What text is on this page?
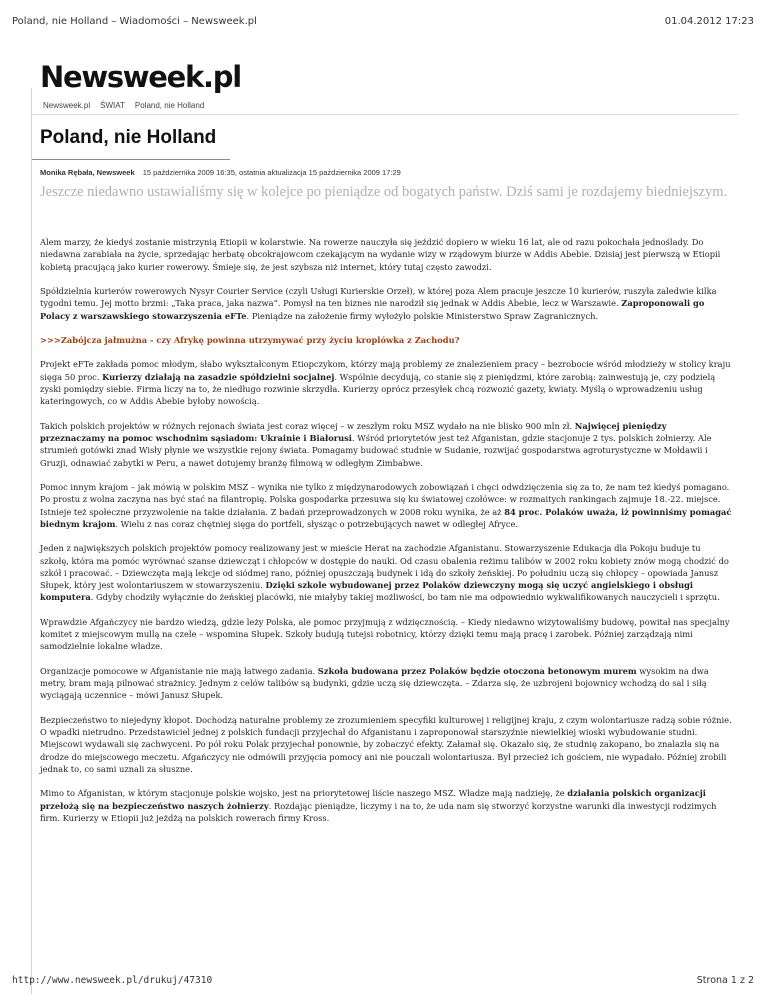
Poland, nie Holland – Wiadomości – Newsweek.pl	01.04.2012 17:23
Newsweek.pl
Newsweek.pl ŚWIAT Poland, nie Holland
Poland, nie Holland
Monika Rębała, Newsweek 15 października 2009 16:35, ostatnia aktualizacja 15 października 2009 17:29
Jeszcze niedawno ustawialiśmy się w kolejce po pieniądze od bogatych państw. Dziś sami je rozdajemy biedniejszym.

Alem marzy, że kiedyś zostanie mistrzynią Etiopii w kolarstwie. Na rowerze nauczyła się jeździć dopiero w wieku 16 lat, ale od razu pokochała jednoślady. Do niedawna zarabiała na życie, sprzedając herbatę obcokrajowcom czekającym na wydanie wizy w rządowym biurze w Addis Abebie. Dzisiaj jest pierwszą w Etiopii kobietą pracującą jako kurier rowerowy. Śmieje się, że jest szybsza niż internet, który tutaj często zawodzi.

Spółdzielnia kurierów rowerowych Nysyr Courier Service (czyli Usługi Kurierskie Orzeł), w której poza Alem pracuje jeszcze 10 kurierów, ruszyła zaledwie kilka tygodni temu. Jej motto brzmi: „Taka praca, jaka nazwa”. Pomysł na ten biznes nie narodził się jednak w Addis Abebie, lecz w Warszawie. Zaproponowali go Polacy z warszawskiego stowarzyszenia eFTe. Pieniądze na założenie firmy wyłożyło polskie Ministerstwo Spraw Zagranicznych.

>>>Zabójcza jałmużna - czy Afrykę powinna utrzymywać przy życiu kroplówka z Zachodu?

Projekt eFTe zakłada pomoc młodym, słabo wykształconym Etiopczykom, którzy mają problemy ze znalezieniem pracy – bezrobocie wśród młodzieży w stolicy kraju sięga 50 proc. Kurierzy działają na zasadzie spółdzielni socjalnej. Wspólnie decydują, co stanie się z pieniędzmi, które zarobią: zainwestują je, czy podzielą zyski pomiędzy siebie. Firma liczy na to, że niedługo rozwinie skrzydła. Kurierzy oprócz przesyłek chcą rozwozić gazety, kwiaty. Myślą o wprowadzeniu usług kateringowych, co w Addis Abebie byłoby nowością.

Takich polskich projektów w różnych rejonach świata jest coraz więcej – w zeszłym roku MSZ wydało na nie blisko 900 mln zł. Najwięcej pieniędzy przeznaczamy na pomoc wschodnim sąsiadom: Ukrainie i Białorusi. Wśród priorytetów jest też Afganistan, gdzie stacjonuje 2 tys. polskich żołnierzy. Ale strumień gotówki znad Wisły płynie we wszystkie rejony świata. Pomagamy budować studnie w Sudanie, rozwijać gospodarstwa agroturystyczne w Mołdawii i Gruzji, odnawiać zabytki w Peru, a nawet dotujemy branżę filmową w odległym Zimbabwe.

Pomoc innym krajom – jak mówią w polskim MSZ – wynika nie tylko z międzynarodowych zobowiązań i chęci odwdzięczenia się za to, że nam też kiedyś pomagano. Po prostu z wolna zaczyna nas być stać na filantropię. Polska gospodarka przesuwa się ku światowej czołówce: w rozmaitych rankingach zajmuje 18.-22. miejsce. Istnieje też społeczne przyzwolenie na takie działania. Z badań przeprowadzonych w 2008 roku wynika, że aż 84 proc. Polaków uważa, iż powinniśmy pomagać biednym krajom. Wielu z nas coraz chętniej sięga do portfeli, słysząc o potrzebujących nawet w odległej Afryce.

Jeden z największych polskich projektów pomocy realizowany jest w mieście Herat na zachodzie Afganistanu. Stowarzyszenie Edukacja dla Pokoju buduje tu szkołę, która ma pomóc wyrównać szanse dziewcząt i chłopców w dostępie do nauki. Od czasu obalenia reżimu talibów w 2002 roku kobiety znów mogą chodzić do szkół i pracować. – Dziewczęta mają lekcje od siódmej rano, później opuszczają budynek i idą do szkoły żeńskiej. Po południu uczą się chłopcy – opowiada Janusz Słupek, który jest wolontariuszem w stowarzyszeniu. Dzięki szkole wybudowanej przez Polaków dziewczyny mogą się uczyć angielskiego i obsługi komputera. Gdyby chodziły wyłącznie do żeńskiej placówki, nie miałyby takiej możliwości, bo tam nie ma odpowiednio wykwalifikowanych nauczycieli i sprzętu.

Wprawdzie Afgańczycy nie bardzo wiedzą, gdzie leży Polska, ale pomoc przyjmują z wdzięcznością. – Kiedy niedawno wizytowaliśmy budowę, powitał nas specjalny komitet z miejscowym mullą na czele – wspomina Słupek. Szkoły budują tutejsi robotnicy, którzy dzięki temu mają pracę i zarobek. Później zarządzają nimi samodzielnie lokalne władze.

Organizacje pomocowe w Afganistanie nie mają łatwego zadania. Szkoła budowana przez Polaków będzie otoczona betonowym murem wysokim na dwa metry, bram mają pilnować strażnicy. Jednym z celów talibów są budynki, gdzie uczą się dziewczęta. – Zdarza się, że uzbrojeni bojownicy wchodzą do sal i siłą wyciągają uczennice – mówi Janusz Słupek.

Bezpieczeństwo to niejedyny kłopot. Dochodzą naturalne problemy ze zrozumieniem specyfiki kulturowej i religijnej kraju, z czym wolontariusze radzą sobie różnie. O wpadki nietrudno. Przedstawiciel jednej z polskich fundacji przyjechał do Afganistanu i zaproponował starszyźnie niewielkiej wioski wybudowanie studni. Miejscowi wydawali się zachwyceni. Po pół roku Polak przyjechał ponownie, by zobaczyć efekty. Załamał się. Okazało się, że studnię zakopano, bo znalazła się na drodze do miejscowego meczetu. Afgańczycy nie odmówili przyjęcia pomocy ani nie pouczali wolontariusza. Był przecież ich gościem, nie wypadało. Później zrobili jednak to, co sami uznali za słuszne.

Mimo to Afganistan, w którym stacjonuje polskie wojsko, jest na priorytetowej liście naszego MSZ. Władze mają nadzieję, że działania polskich organizacji przełożą się na bezpieczeństwo naszych żołnierzy. Rozdając pieniądze, liczymy i na to, że uda nam się stworzyć korzystne warunki dla inwestycji rodzimych firm. Kurierzy w Etiopii już jeżdżą na polskich rowerach firmy Kross.

http://www.newsweek.pl/drukuj/47310	Strona 1 z 2
